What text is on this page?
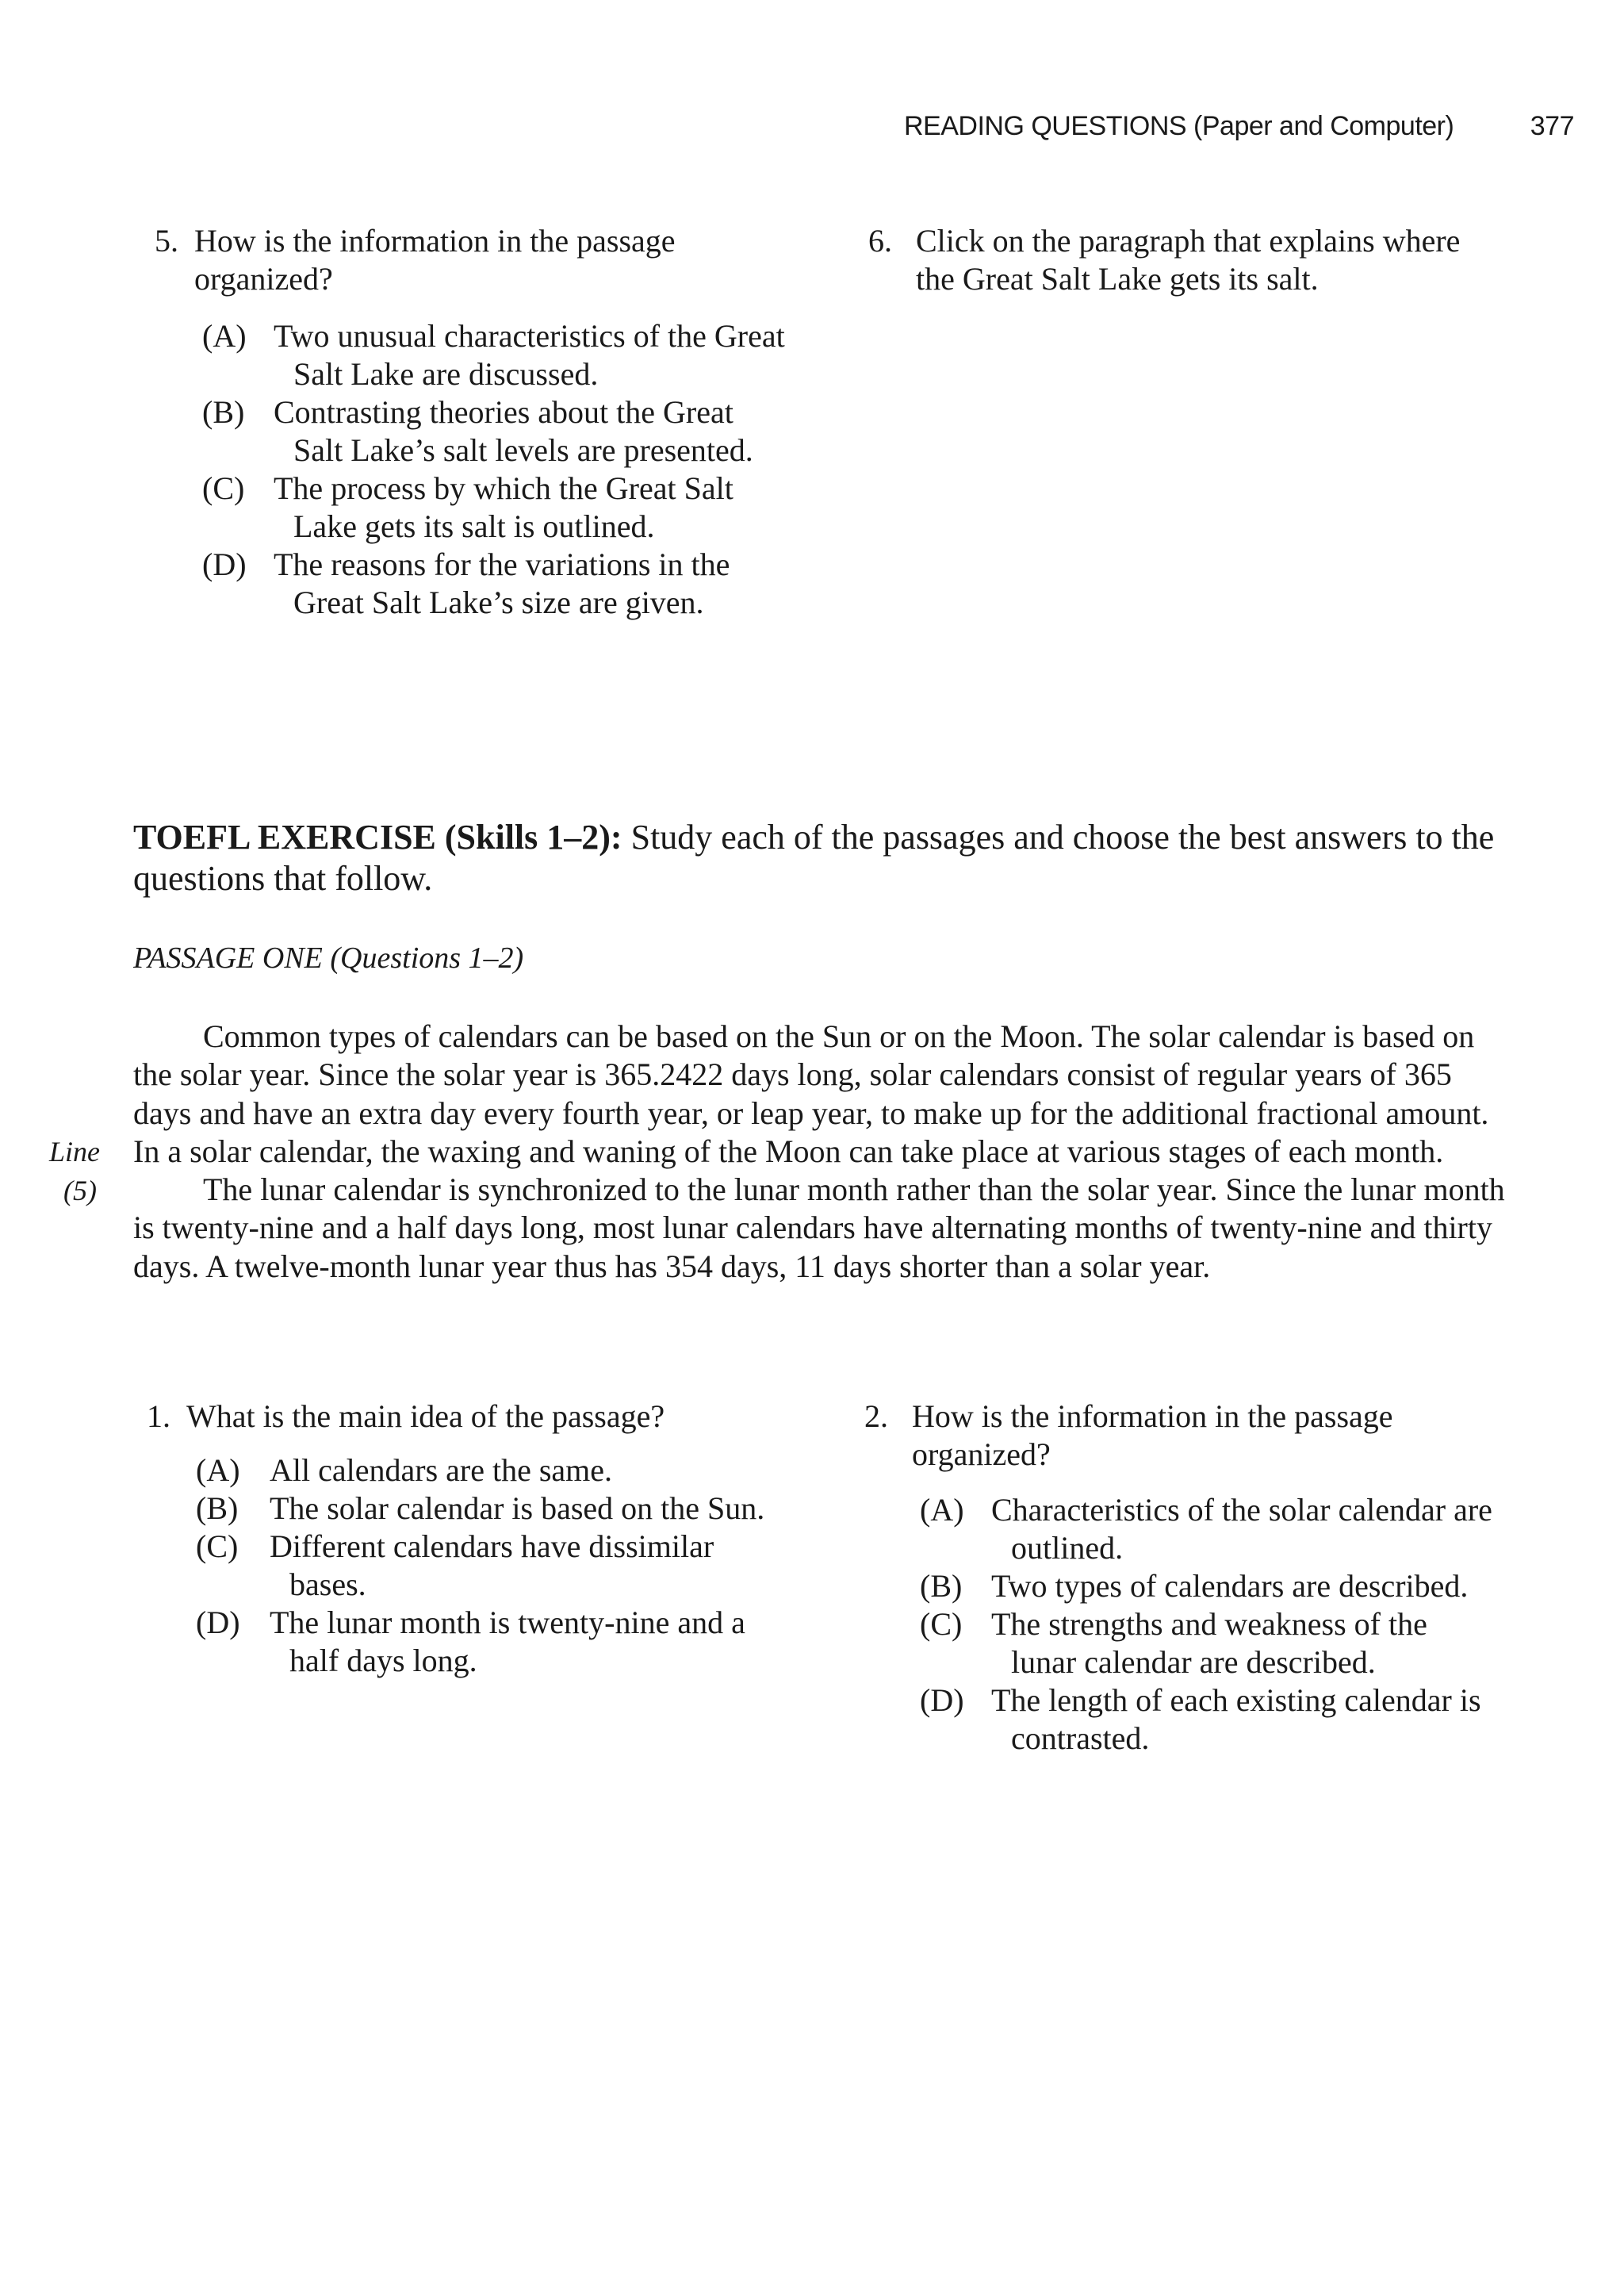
READING QUESTIONS (Paper and Computer)	377
5. How is the information in the passage organized?
(A) Two unusual characteristics of the Great Salt Lake are discussed.
(B) Contrasting theories about the Great Salt Lake’s salt levels are presented.
(C) The process by which the Great Salt Lake gets its salt is outlined.
(D) The reasons for the variations in the Great Salt Lake’s size are given.
6. Click on the paragraph that explains where the Great Salt Lake gets its salt.
TOEFL EXERCISE (Skills 1–2): Study each of the passages and choose the best answers to the questions that follow.
PASSAGE ONE (Questions 1–2)
Line
(5)

Common types of calendars can be based on the Sun or on the Moon. The solar calendar is based on the solar year. Since the solar year is 365.2422 days long, solar calendars consist of regular years of 365 days and have an extra day every fourth year, or leap year, to make up for the additional fractional amount. In a solar calendar, the waxing and waning of the Moon can take place at various stages of each month.

The lunar calendar is synchronized to the lunar month rather than the solar year. Since the lunar month is twenty-nine and a half days long, most lunar calendars have alternating months of twenty-nine and thirty days. A twelve-month lunar year thus has 354 days, 11 days shorter than a solar year.

1. What is the main idea of the passage?
(A) All calendars are the same.
(B) The solar calendar is based on the Sun.
(C) Different calendars have dissimilar bases.
(D) The lunar month is twenty-nine and a half days long.
2. How is the information in the passage organized?
(A) Characteristics of the solar calendar are outlined.
(B) Two types of calendars are described.
(C) The strengths and weakness of the lunar calendar are described.
(D) The length of each existing calendar is contrasted.
